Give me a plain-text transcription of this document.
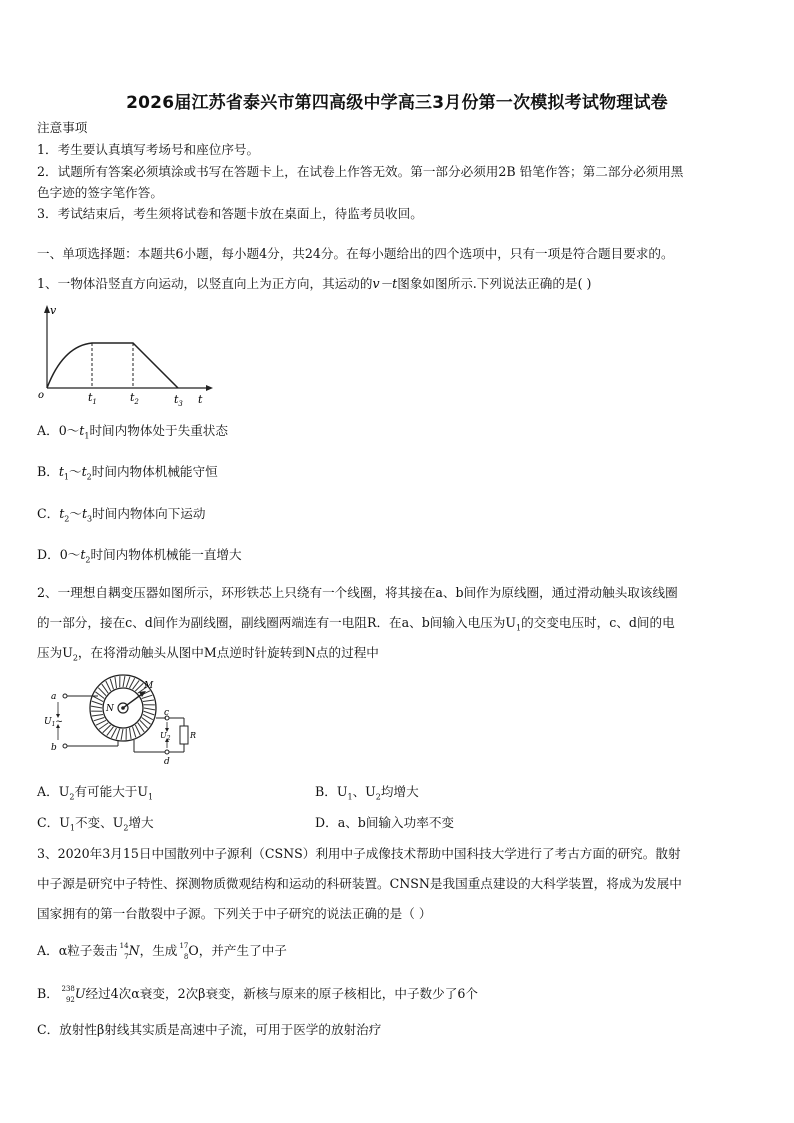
2026届江苏省泰兴市第四高级中学高三3月份第一次模拟考试物理试卷
注意事项
1．考生要认真填写考场号和座位序号。
2．试题所有答案必须填涂或书写在答题卡上，在试卷上作答无效。第一部分必须用2B 铅笔作答；第二部分必须用黑
色字迹的签字笔作答。
3．考试结束后，考生须将试卷和答题卡放在桌面上，待监考员收回。
一、单项选择题：本题共6小题，每小题4分，共24分。在每小题给出的四个选项中，只有一项是符合题目要求的。
1、一物体沿竖直方向运动，以竖直向上为正方向，其运动的v－t图象如图所示.下列说法正确的是( )
v
o	$t_1$	$t_2$	$t_3$ t
A．$0\sim t_1$时间内物体处于失重状态
B．$t_1\sim t_2$时间内物体机械能守恒
C．$t_2\sim t_3$时间内物体向下运动
D．$0\sim t_2$时间内物体机械能一直增大
2、一理想自耦变压器如图所示，环形铁芯上只绕有一个线圈，将其接在a、b间作为原线圈，通过滑动触头取该线圈
的一部分，接在c、d间作为副线圈，副线圈两端连有一电阻R．在a、b间输入电压为$U_1$的交变电压时，c、d间的电
压为$U_2$，在将滑动触头从图中M点逆时针旋转到N点的过程中
a
b
c
d
M
N
R
$U_1\sim$
$U_2$
A．$U_2$有可能大于$U_1$	B．$U_1$、$U_2$均增大
C．$U_1$不变、$U_2$增大	D．a、b间输入功率不变
3、2020年3月15日中国散列中子源利（CSNS）利用中子成像技术帮助中国科技大学进行了考古方面的研究。散射
中子源是研究中子特性、探测物质微观结构和运动的科研装置。CNSN是我国重点建设的大科学装置，将成为发展中
国家拥有的第一台散裂中子源。下列关于中子研究的说法正确的是（ ）
A．α粒子轰击 14
7 N，生成 17
8 O，并产生了中子
B． 238
92 U经过4次α衰变，2次β衰变，新核与原来的原子核相比，中子数少了6个
C．放射性β射线其实质是高速中子流，可用于医学的放射治疗
